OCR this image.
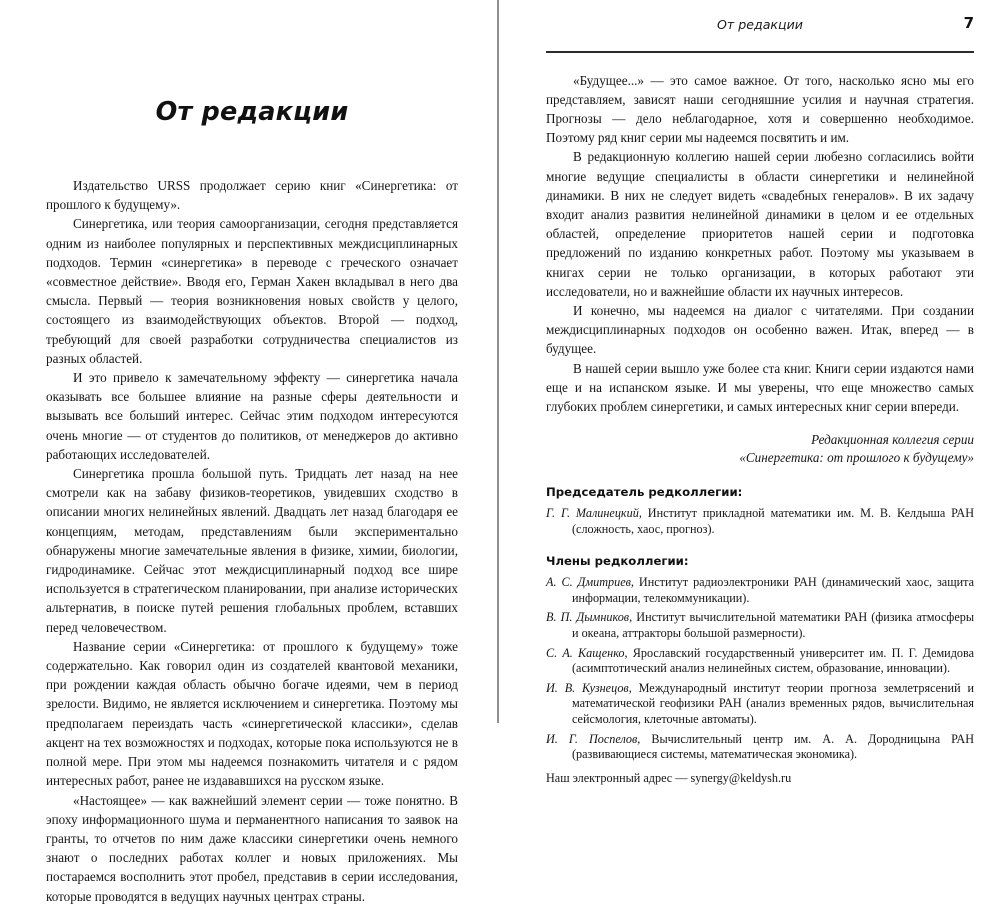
От редакции

Издательство URSS продолжает серию книг «Синергетика: от прошлого к будущему».

Синергетика, или теория самоорганизации, сегодня представляется одним из наиболее популярных и перспективных междисциплинарных подходов. Термин «синергетика» в переводе с греческого означает «совместное действие». Вводя его, Герман Хакен вкладывал в него два смысла. Первый — теория возникновения новых свойств у целого, состоящего из взаимодействующих объектов. Второй — подход, требующий для своей разработки сотрудничества специалистов из разных областей.

И это привело к замечательному эффекту — синергетика начала оказывать все большее влияние на разные сферы деятельности и вызывать все больший интерес. Сейчас этим подходом интересуются очень многие — от студентов до политиков, от менеджеров до активно работающих исследователей.

Синергетика прошла большой путь. Тридцать лет назад на нее смотрели как на забаву физиков-теоретиков, увидевших сходство в описании многих нелинейных явлений. Двадцать лет назад благодаря ее концепциям, методам, представлениям были экспериментально обнаружены многие замечательные явления в физике, химии, биологии, гидродинамике. Сейчас этот междисциплинарный подход все шире используется в стратегическом планировании, при анализе исторических альтернатив, в поиске путей решения глобальных проблем, вставших перед человечеством.

Название серии «Синергетика: от прошлого к будущему» тоже содержательно. Как говорил один из создателей квантовой механики, при рождении каждая область обычно богаче идеями, чем в период зрелости. Видимо, не является исключением и синергетика. Поэтому мы предполагаем переиздать часть «синергетической классики», сделав акцент на тех возможностях и подходах, которые пока используются не в полной мере. При этом мы надеемся познакомить читателя и с рядом интересных работ, ранее не издававшихся на русском языке.

«Настоящее» — как важнейший элемент серии — тоже понятно. В эпоху информационного шума и перманентного написания то заявок на гранты, то отчетов по ним даже классики синергетики очень немного знают о последних работах коллег и новых приложениях. Мы постараемся восполнить этот пробел, представив в серии исследования, которые проводятся в ведущих научных центрах страны.

От редакции	7

«Будущее...» — это самое важное. От того, насколько ясно мы его представляем, зависят наши сегодняшние усилия и научная стратегия. Прогнозы — дело неблагодарное, хотя и совершенно необходимое. Поэтому ряд книг серии мы надеемся посвятить и им.

В редакционную коллегию нашей серии любезно согласились войти многие ведущие специалисты в области синергетики и нелинейной динамики. В них не следует видеть «свадебных генералов». В их задачу входит анализ развития нелинейной динамики в целом и ее отдельных областей, определение приоритетов нашей серии и подготовка предложений по изданию конкретных работ. Поэтому мы указываем в книгах серии не только организации, в которых работают эти исследователи, но и важнейшие области их научных интересов.

И конечно, мы надеемся на диалог с читателями. При создании междисциплинарных подходов он особенно важен. Итак, вперед — в будущее.

В нашей серии вышло уже более ста книг. Книги серии издаются нами еще и на испанском языке. И мы уверены, что еще множество самых глубоких проблем синергетики, и самых интересных книг серии впереди.

Редакционная коллегия серии
«Синергетика: от прошлого к будущему»

Председатель редколлегии:

Г. Г. Малинецкий, Институт прикладной математики им. М. В. Келдыша РАН (сложность, хаос, прогноз).

Члены редколлегии:

А. С. Дмитриев, Институт радиоэлектроники РАН (динамический хаос, защита информации, телекоммуникации).

В. П. Дымников, Институт вычислительной математики РАН (физика атмосферы и океана, аттракторы большой размерности).

С. А. Кащенко, Ярославский государственный университет им. П. Г. Демидова (асимптотический анализ нелинейных систем, образование, инновации).

И. В. Кузнецов, Международный институт теории прогноза землетрясений и математической геофизики РАН (анализ временных рядов, вычислительная сейсмология, клеточные автоматы).

И. Г. Поспелов, Вычислительный центр им. А. А. Дородницына РАН (развивающиеся системы, математическая экономика).

Наш электронный адрес — synergy@keldysh.ru
